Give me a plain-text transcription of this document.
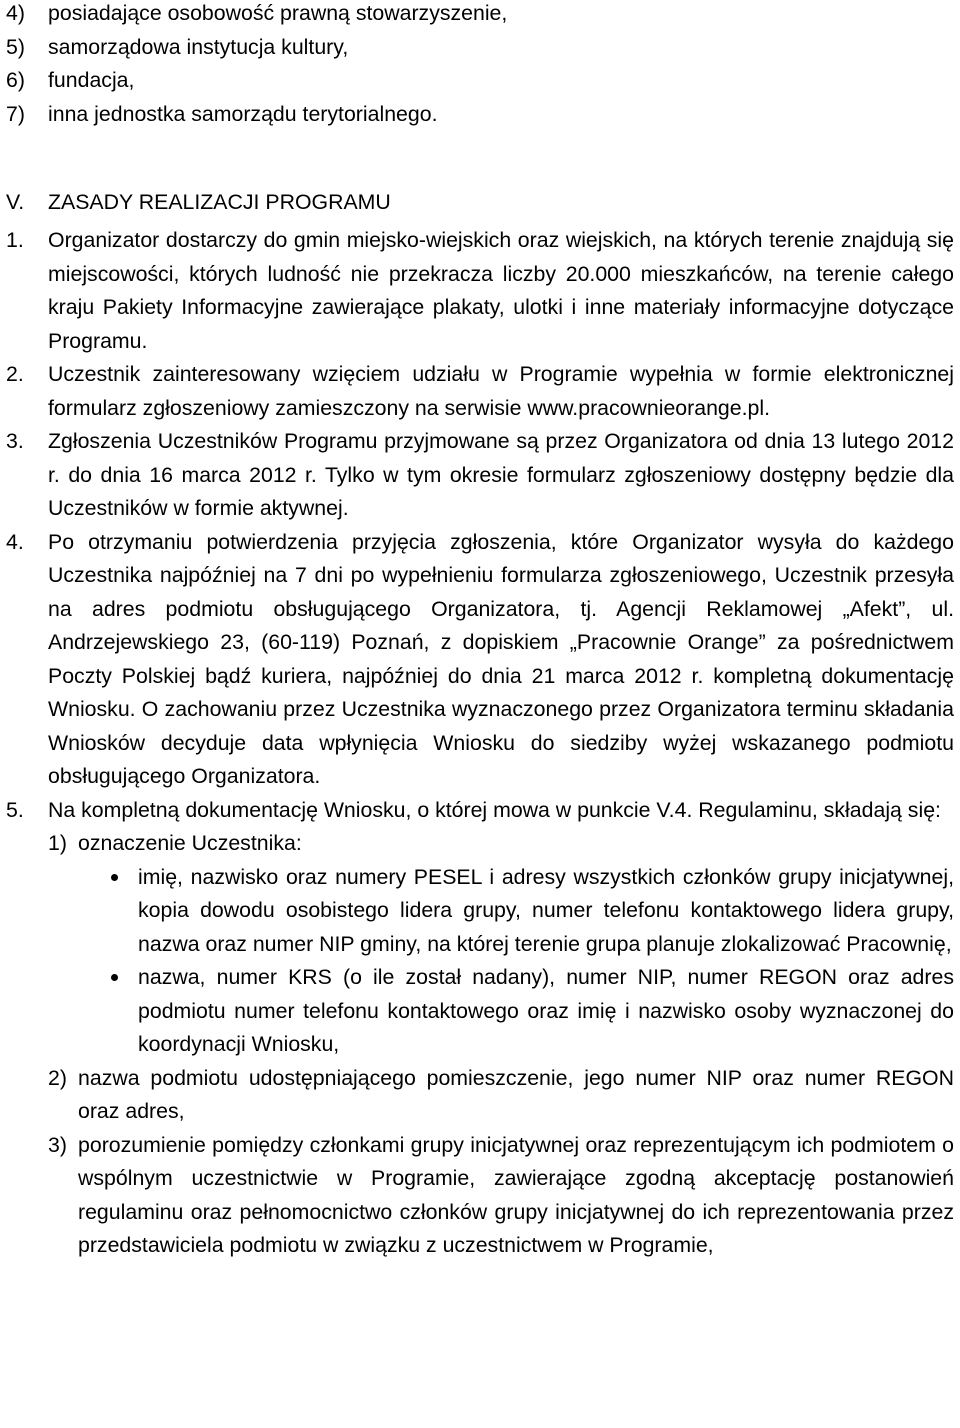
4)	posiadające osobowość prawną stowarzyszenie,
5)	samorządowa instytucja kultury,
6)	fundacja,
7)	inna jednostka samorządu terytorialnego.
V.	ZASADY REALIZACJI PROGRAMU
1.	Organizator dostarczy do gmin miejsko-wiejskich oraz wiejskich, na których terenie znajdują się miejscowości, których ludność nie przekracza liczby 20.000 mieszkańców, na terenie całego kraju Pakiety Informacyjne zawierające plakaty, ulotki i inne materiały informacyjne dotyczące Programu.
2.	Uczestnik zainteresowany wzięciem udziału w Programie wypełnia w formie elektronicznej formularz zgłoszeniowy zamieszczony na serwisie www.pracownieorange.pl.
3.	Zgłoszenia Uczestników Programu przyjmowane są przez Organizatora od dnia 13 lutego 2012 r. do dnia 16 marca 2012 r. Tylko w tym okresie formularz zgłoszeniowy dostępny będzie dla Uczestników w formie aktywnej.
4.	Po otrzymaniu potwierdzenia przyjęcia zgłoszenia, które Organizator wysyła do każdego Uczestnika najpóźniej na 7 dni po wypełnieniu formularza zgłoszeniowego, Uczestnik przesyła na adres podmiotu obsługującego Organizatora, tj. Agencji Reklamowej „Afekt”, ul. Andrzejewskiego 23, (60-119) Poznań, z dopiskiem „Pracownie Orange” za pośrednictwem Poczty Polskiej bądź kuriera, najpóźniej do dnia 21 marca 2012 r. kompletną dokumentację Wniosku. O zachowaniu przez Uczestnika wyznaczonego przez Organizatora terminu składania Wniosków decyduje data wpłynięcia Wniosku do siedziby wyżej wskazanego podmiotu obsługującego Organizatora.
5.	Na kompletną dokumentację Wniosku, o której mowa w punkcie V.4. Regulaminu, składają się:
1) oznaczenie Uczestnika:
imię, nazwisko oraz numery PESEL i adresy wszystkich członków grupy inicjatywnej, kopia dowodu osobistego lidera grupy, numer telefonu kontaktowego lidera grupy, nazwa oraz numer NIP gminy, na której terenie grupa planuje zlokalizować Pracownię,
nazwa, numer KRS (o ile został nadany), numer NIP, numer REGON oraz adres podmiotu numer telefonu kontaktowego oraz imię i nazwisko osoby wyznaczonej do koordynacji Wniosku,
2) nazwa podmiotu udostępniającego pomieszczenie, jego numer NIP oraz numer REGON oraz adres,
3) porozumienie pomiędzy członkami grupy inicjatywnej oraz reprezentującym ich podmiotem o wspólnym uczestnictwie w Programie, zawierające zgodną akceptację postanowień regulaminu oraz pełnomocnictwo członków grupy inicjatywnej do ich reprezentowania przez przedstawiciela podmiotu w związku z uczestnictwem w Programie,
